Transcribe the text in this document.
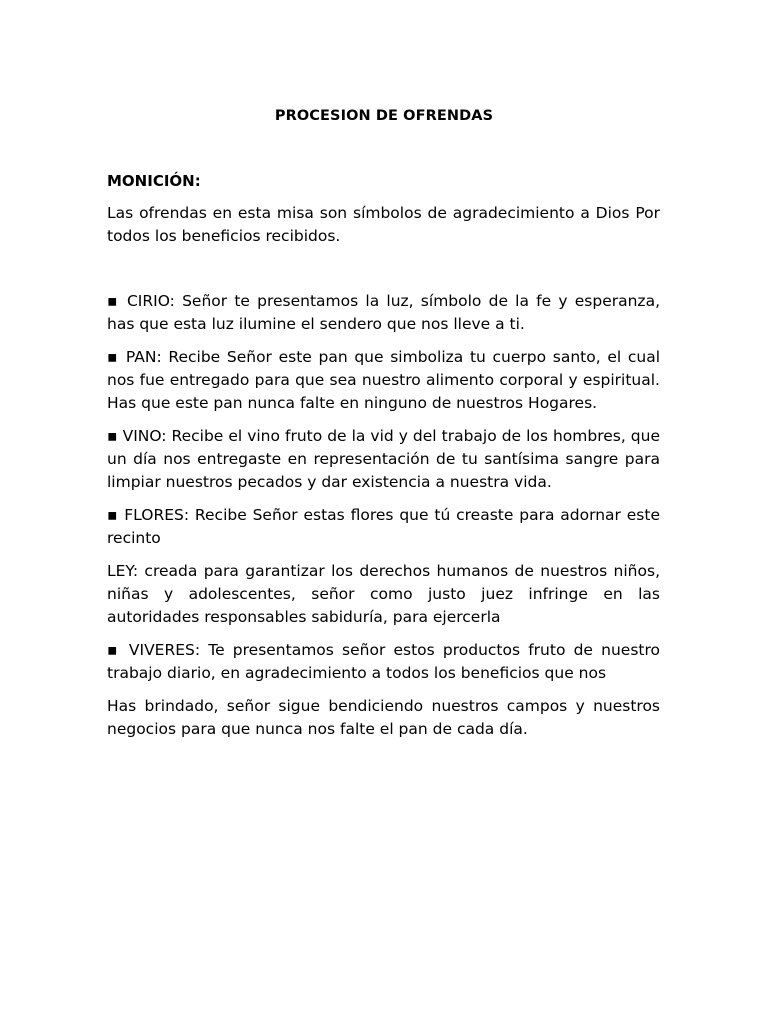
PROCESION DE OFRENDAS
MONICIÓN:
Las ofrendas en esta misa son símbolos de agradecimiento a Dios Por todos los beneficios recibidos.
▪ CIRIO: Señor te presentamos la luz, símbolo de la fe y esperanza, has que esta luz ilumine el sendero que nos lleve a ti.
▪ PAN: Recibe Señor este pan que simboliza tu cuerpo santo, el cual nos fue entregado para que sea nuestro alimento corporal y espiritual. Has que este pan nunca falte en ninguno de nuestros Hogares.
▪ VINO: Recibe el vino fruto de la vid y del trabajo de los hombres, que un día nos entregaste en representación de tu santísima sangre para limpiar nuestros pecados y dar existencia a nuestra vida.
▪ FLORES: Recibe Señor estas flores que tú creaste para adornar este recinto
LEY: creada para garantizar los derechos humanos de nuestros niños, niñas y adolescentes, señor como justo juez infringe en las autoridades responsables sabiduría, para ejercerla
▪ VIVERES: Te presentamos señor estos productos fruto de nuestro trabajo diario, en agradecimiento a todos los beneficios que nos
Has brindado, señor sigue bendiciendo nuestros campos y nuestros negocios para que nunca nos falte el pan de cada día.
